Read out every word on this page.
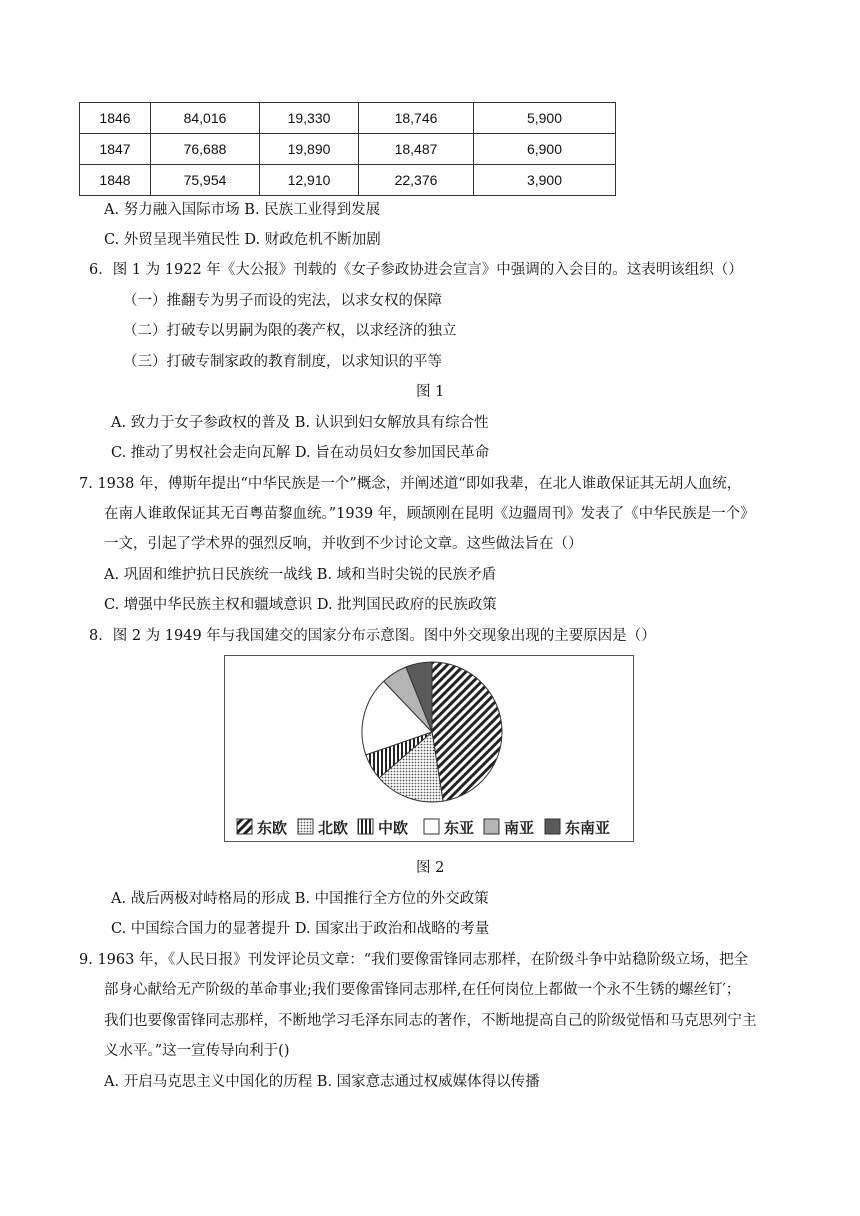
1846	84,016	19,330	18,746	5,900
1847	76,688	19,890	18,487	6,900
1848	75,954	12,910	22,376	3,900
A. 努力融入国际市场 B. 民族工业得到发展
C. 外贸呈现半殖民性 D. 财政危机不断加剧
6．图 1 为 1922 年《大公报》刊载的《女子参政协进会宣言》中强调的入会目的。这表明该组织（）
（一）推翻专为男子而设的宪法，以求女权的保障
（二）打破专以男嗣为限的袭产权，以求经济的独立
（三）打破专制家政的教育制度，以求知识的平等
图 1
A. 致力于女子参政权的普及 B. 认识到妇女解放具有综合性
C. 推动了男权社会走向瓦解 D. 旨在动员妇女参加国民革命
7. 1938 年，傅斯年提出“中华民族是一个”概念，并阐述道“即如我辈，在北人谁敢保证其无胡人血统，
在南人谁敢保证其无百粤苗黎血统。”1939 年，顾颉刚在昆明《边疆周刊》发表了《中华民族是一个》
一文，引起了学术界的强烈反响，并收到不少讨论文章。这些做法旨在（）
A. 巩固和维护抗日民族统一战线 B. 域和当时尖锐的民族矛盾
C. 增强中华民族主权和疆域意识 D. 批判国民政府的民族政策
8．图 2 为 1949 年与我国建交的国家分布示意图。图中外交现象出现的主要原因是（）
东欧 北欧 中欧 东亚 南亚 东南亚
图 2
A. 战后两极对峙格局的形成 B. 中国推行全方位的外交政策
C. 中国综合国力的显著提升 D. 国家出于政治和战略的考量
9. 1963 年，《人民日报》刊发评论员文章：“我们要像雷锋同志那样，在阶级斗争中站稳阶级立场，把全
部身心献给无产阶级的革命事业;我们要像雷锋同志那样,在任何岗位上都做一个永不生锈的螺丝钉′；
我们也要像雷锋同志那样，不断地学习毛泽东同志的著作，不断地提高自己的阶级觉悟和马克思列宁主
义水平。”这一宣传导向利于()
A. 开启马克思主义中国化的历程 B. 国家意志通过权威媒体得以传播
